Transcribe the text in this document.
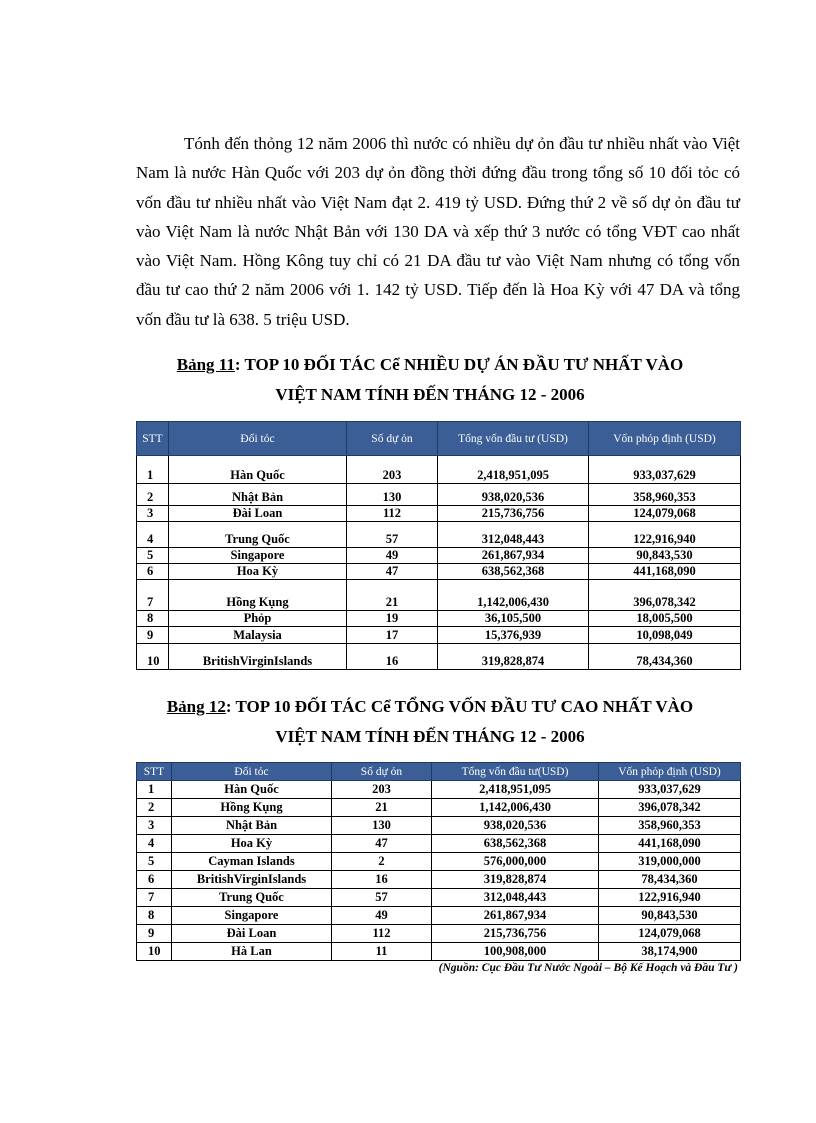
Tónh đến thỏng 12 năm 2006 thì nước có nhiều dự ỏn đầu tư nhiều nhất vào Việt Nam là nước Hàn Quốc với 203 dự ỏn đồng thời đứng đầu trong tổng số 10 đối tỏc có vốn đầu tư nhiều nhất vào Việt Nam đạt 2. 419 tỷ USD. Đứng thứ 2 về số dự ỏn đầu tư vào Việt Nam là nước Nhật Bản với 130 DA và xếp thứ 3 nước có tổng VĐT cao nhất vào Việt Nam. Hồng Kông tuy chỉ có 21 DA đầu tư vào Việt Nam nhưng có tổng vốn đầu tư cao thứ 2 năm 2006 với 1. 142 tỷ USD. Tiếp đến là Hoa Kỳ với 47 DA và tổng vốn đầu tư là 638. 5 triệu USD.

Bảng 11: TOP 10 ĐỐI TÁC Cể NHIỀU DỰ ÁN ĐẦU TƯ NHẤT VÀO
VIỆT NAM TÍNH ĐẾN THÁNG 12 - 2006

STT	Đối tỏc	Số dự ỏn	Tổng vốn đầu tư (USD)	Vốn phỏp định (USD)
1	Hàn Quốc	203	2,418,951,095	933,037,629
2	Nhật Bản	130	938,020,536	358,960,353
3	Đài Loan	112	215,736,756	124,079,068
4	Trung Quốc	57	312,048,443	122,916,940
5	Singapore	49	261,867,934	90,843,530
6	Hoa Kỳ	47	638,562,368	441,168,090
7	Hồng Kụng	21	1,142,006,430	396,078,342
8	Phỏp	19	36,105,500	18,005,500
9	Malaysia	17	15,376,939	10,098,049
10	BritishVirginIslands	16	319,828,874	78,434,360

Bảng 12: TOP 10 ĐỐI TÁC Cể TỔNG VỐN ĐẦU TƯ CAO NHẤT VÀO
VIỆT NAM TÍNH ĐẾN THÁNG 12 - 2006

STT	Đối tỏc	Số dự ỏn	Tổng vốn đầu tư(USD)	Vốn phỏp định (USD)
1	Hàn Quốc	203	2,418,951,095	933,037,629
2	Hồng Kụng	21	1,142,006,430	396,078,342
3	Nhật Bản	130	938,020,536	358,960,353
4	Hoa Kỳ	47	638,562,368	441,168,090
5	Cayman Islands	2	576,000,000	319,000,000
6	BritishVirginIslands	16	319,828,874	78,434,360
7	Trung Quốc	57	312,048,443	122,916,940
8	Singapore	49	261,867,934	90,843,530
9	Đài Loan	112	215,736,756	124,079,068
10	Hà Lan	11	100,908,000	38,174,900

(Nguồn: Cục Đầu Tư Nước Ngoài – Bộ Kế Hoạch và Đầu Tư )
